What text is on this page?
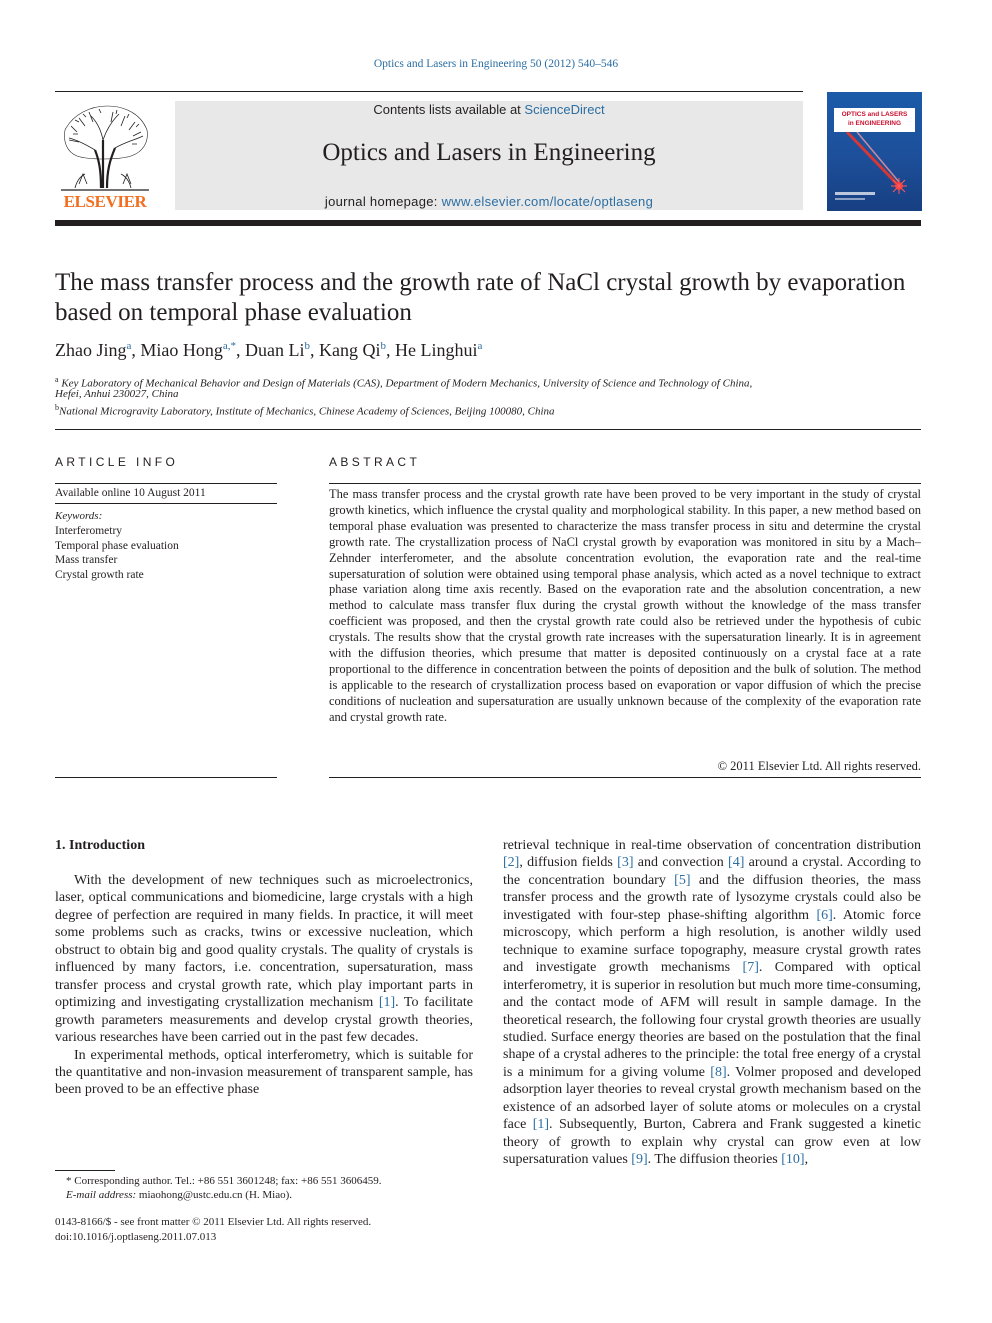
Optics and Lasers in Engineering 50 (2012) 540–546
ELSEVIER
Contents lists available at ScienceDirect
Optics and Lasers in Engineering
journal homepage: www.elsevier.com/locate/optlaseng
OPTICS and LASERS
in ENGINEERING
The mass transfer process and the growth rate of NaCl crystal growth by evaporation based on temporal phase evaluation
Zhao Jing$^a$, Miao Hong$^{a,*}$, Duan Li$^b$, Kang Qi$^b$, He Linghui$^a$
$^a$ Key Laboratory of Mechanical Behavior and Design of Materials (CAS), Department of Modern Mechanics, University of Science and Technology of China,
Hefei, Anhui 230027, China
$^b$National Microgravity Laboratory, Institute of Mechanics, Chinese Academy of Sciences, Beijing 100080, China
ARTICLE INFO
Available online 10 August 2011
Keywords:
Interferometry
Temporal phase evaluation
Mass transfer
Crystal growth rate
ABSTRACT

The mass transfer process and the crystal growth rate have been proved to be very important in the study of crystal growth kinetics, which influence the crystal quality and morphological stability. In this paper, a new method based on temporal phase evaluation was presented to characterize the mass transfer process in situ and determine the crystal growth rate. The crystallization process of NaCl crystal growth by evaporation was monitored in situ by a Mach–Zehnder interferometer, and the absolute concentration evolution, the evaporation rate and the real-time supersaturation of solution were obtained using temporal phase analysis, which acted as a novel technique to extract phase variation along time axis recently. Based on the evaporation rate and the absolution concentration, a new method to calculate mass transfer flux during the crystal growth without the knowledge of the mass transfer coefficient was proposed, and then the crystal growth rate could also be retrieved under the hypothesis of cubic crystals. The results show that the crystal growth rate increases with the supersaturation linearly. It is in agreement with the diffusion theories, which presume that matter is deposited continuously on a crystal face at a rate proportional to the difference in concentration between the points of deposition and the bulk of solution. The method is applicable to the research of crystallization process based on evaporation or vapor diffusion of which the precise conditions of nucleation and supersaturation are usually unknown because of the complexity of the evaporation rate and crystal growth rate.

© 2011 Elsevier Ltd. All rights reserved.
1. Introduction

With the development of new techniques such as microelectronics, laser, optical communications and biomedicine, large crystals with a high degree of perfection are required in many fields. In practice, it will meet some problems such as cracks, twins or excessive nucleation, which obstruct to obtain big and good quality crystals. The quality of crystals is influenced by many factors, i.e. concentration, supersaturation, mass transfer process and crystal growth rate, which play important parts in optimizing and investigating crystallization mechanism [1]. To facilitate growth parameters measurements and develop crystal growth theories, various researches have been carried out in the past few decades.

In experimental methods, optical interferometry, which is suitable for the quantitative and non-invasion measurement of transparent sample, has been proved to be an effective phase

retrieval technique in real-time observation of concentration distribution [2], diffusion fields [3] and convection [4] around a crystal. According to the concentration boundary [5] and the diffusion theories, the mass transfer process and the growth rate of lysozyme crystals could also be investigated with four-step phase-shifting algorithm [6]. Atomic force microscopy, which perform a high resolution, is another wildly used technique to examine surface topography, measure crystal growth rates and investigate growth mechanisms [7]. Compared with optical interferometry, it is superior in resolution but much more time-consuming, and the contact mode of AFM will result in sample damage. In the theoretical research, the following four crystal growth theories are usually studied. Surface energy theories are based on the postulation that the final shape of a crystal adheres to the principle: the total free energy of a crystal is a minimum for a giving volume [8]. Volmer proposed and developed adsorption layer theories to reveal crystal growth mechanism based on the existence of an adsorbed layer of solute atoms or molecules on a crystal face [1]. Subsequently, Burton, Cabrera and Frank suggested a kinetic theory of growth to explain why crystal can grow even at low supersaturation values [9]. The diffusion theories [10],

* Corresponding author. Tel.: +86 551 3601248; fax: +86 551 3606459.
E-mail address: miaohong@ustc.edu.cn (H. Miao).
0143-8166/$ - see front matter © 2011 Elsevier Ltd. All rights reserved.
doi:10.1016/j.optlaseng.2011.07.013
